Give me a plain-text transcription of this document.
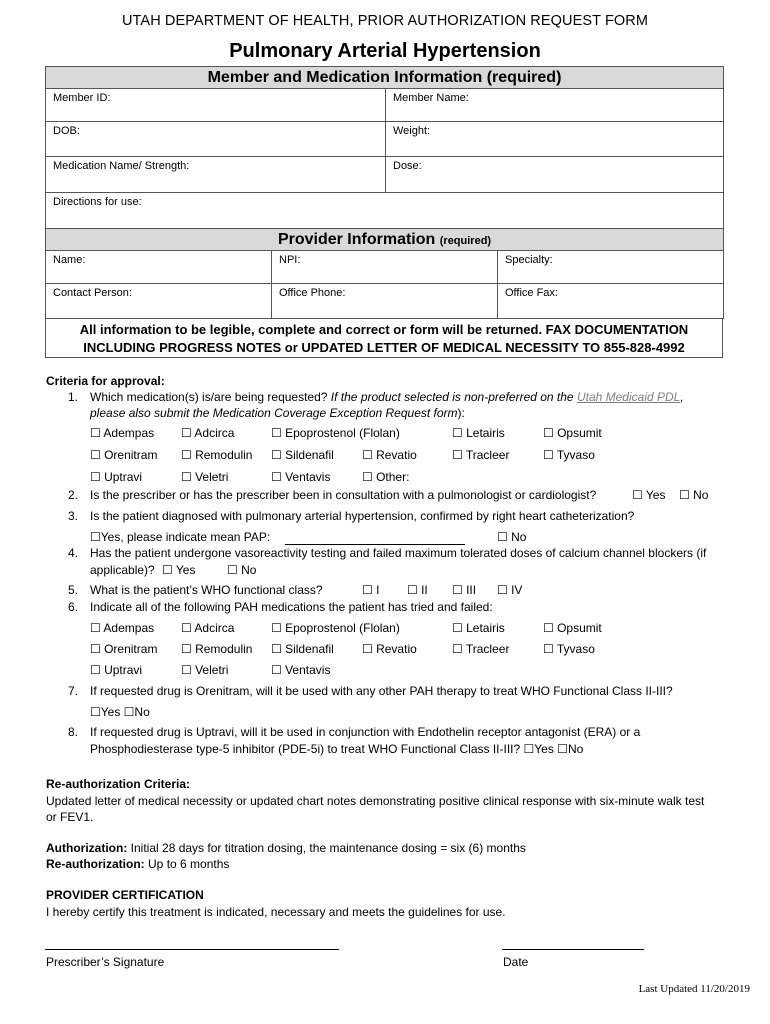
UTAH DEPARTMENT OF HEALTH, PRIOR AUTHORIZATION REQUEST FORM
Pulmonary Arterial Hypertension
Member and Medication Information (required)	
Member ID:	Member Name:
DOB:	Weight:
Medication Name/ Strength:	Dose:
Directions for use:	
Provider Information (required)		
Name:	NPI:	Specialty:
Contact Person:	Office Phone:	Office Fax:
All information to be legible, complete and correct or form will be returned. FAX DOCUMENTATION
INCLUDING PROGRESS NOTES or UPDATED LETTER OF MEDICAL NECESSITY TO 855-828-4992
Criteria for approval:
1. Which medication(s) is/are being requested? If the product selected is non-preferred on the Utah Medicaid PDL,
please also submit the Medication Coverage Exception Request form):
☐ Adempas ☐ Adcirca	☐ Epoprostenol (Flolan)	☐ Letairis	☐ Opsumit
☐ Orenitram ☐ Remodulin ☐ Sildenafil ☐ Revatio	☐ Tracleer	☐ Tyvaso
☐ Uptravi	☐ Veletri	☐ Ventavis	☐ Other:
2. Is the prescriber or has the prescriber been in consultation with a pulmonologist or cardiologist?	☐ Yes ☐ No
3. Is the patient diagnosed with pulmonary arterial hypertension, confirmed by right heart catheterization?
☐Yes, please indicate mean PAP:	☐ No
4. Has the patient undergone vasoreactivity testing and failed maximum tolerated doses of calcium channel blockers (if
applicable)? ☐ Yes	☐ No
5. What is the patient’s WHO functional class?	☐ I ☐ II ☐ III ☐ IV
6. Indicate all of the following PAH medications the patient has tried and failed:
☐ Adempas ☐ Adcirca	☐ Epoprostenol (Flolan)	☐ Letairis	☐ Opsumit
☐ Orenitram ☐ Remodulin ☐ Sildenafil ☐ Revatio	☐ Tracleer	☐ Tyvaso
☐ Uptravi	☐ Veletri	☐ Ventavis
7. If requested drug is Orenitram, will it be used with any other PAH therapy to treat WHO Functional Class II-III?
☐Yes ☐No
8. If requested drug is Uptravi, will it be used in conjunction with Endothelin receptor antagonist (ERA) or a
Phosphodiesterase type-5 inhibitor (PDE-5i) to treat WHO Functional Class II-III? ☐Yes ☐No
Re-authorization Criteria:
Updated letter of medical necessity or updated chart notes demonstrating positive clinical response with six-minute walk test
or FEV1.
Authorization: Initial 28 days for titration dosing, the maintenance dosing = six (6) months
Re-authorization: Up to 6 months
PROVIDER CERTIFICATION
I hereby certify this treatment is indicated, necessary and meets the guidelines for use.
Prescriber’s Signature	Date
Last Updated 11/20/2019
